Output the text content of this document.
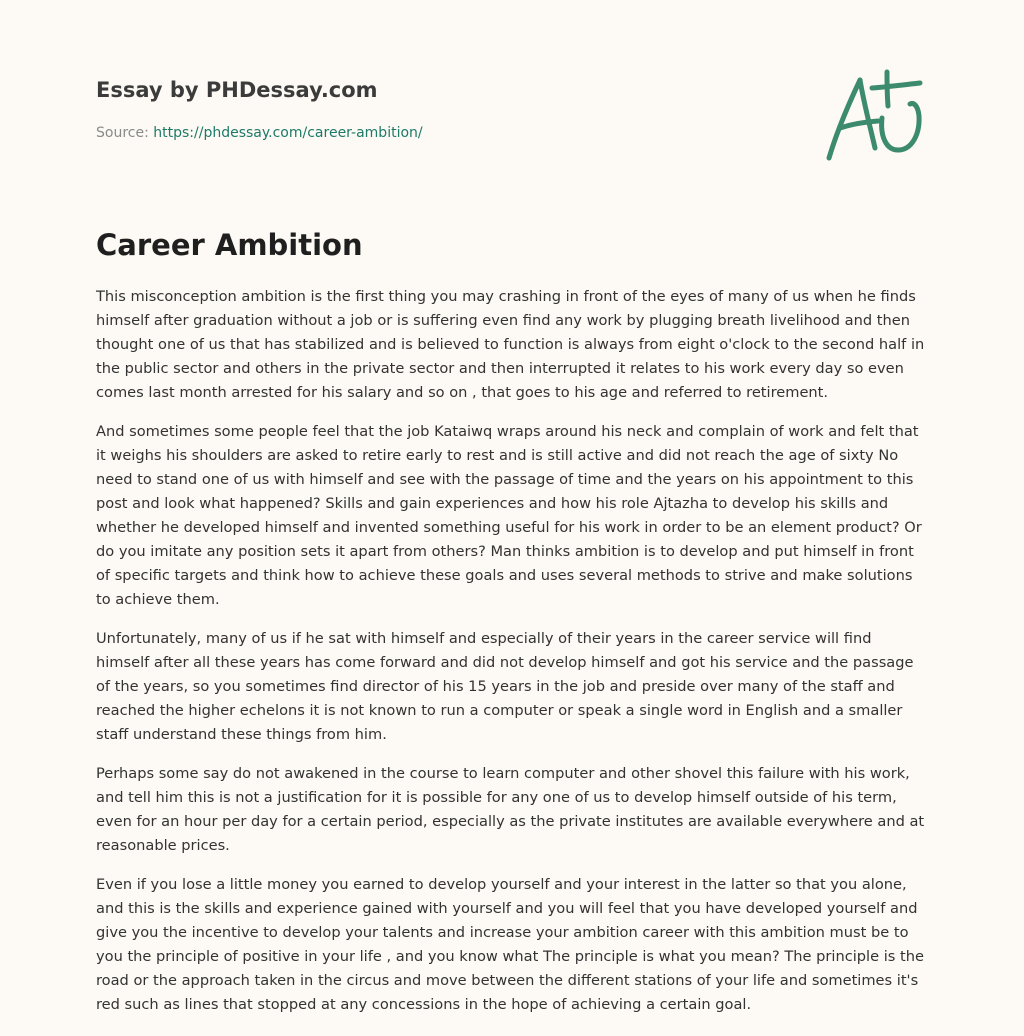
Essay by PHDessay.com
Source: https://phdessay.com/career-ambition/
Career Ambition

This misconception ambition is the first thing you may crashing in front of the eyes of many of us when he finds himself after graduation without a job or is suffering even find any work by plugging breath livelihood and then thought one of us that has stabilized and is believed to function is always from eight o'clock to the second half in the public sector and others in the private sector and then interrupted it relates to his work every day so even comes last month arrested for his salary and so on , that goes to his age and referred to retirement.

And sometimes some people feel that the job Kataiwq wraps around his neck and complain of work and felt that it weighs his shoulders are asked to retire early to rest and is still active and did not reach the age of sixty No need to stand one of us with himself and see with the passage of time and the years on his appointment to this post and look what happened? Skills and gain experiences and how his role Ajtazha to develop his skills and whether he developed himself and invented something useful for his work in order to be an element product? Or do you imitate any position sets it apart from others? Man thinks ambition is to develop and put himself in front of specific targets and think how to achieve these goals and uses several methods to strive and make solutions to achieve them.

Unfortunately, many of us if he sat with himself and especially of their years in the career service will find himself after all these years has come forward and did not develop himself and got his service and the passage of the years, so you sometimes find director of his 15 years in the job and preside over many of the staff and reached the higher echelons it is not known to run a computer or speak a single word in English and a smaller staff understand these things from him.

Perhaps some say do not awakened in the course to learn computer and other shovel this failure with his work, and tell him this is not a justification for it is possible for any one of us to develop himself outside of his term, even for an hour per day for a certain period, especially as the private institutes are available everywhere and at reasonable prices.

Even if you lose a little money you earned to develop yourself and your interest in the latter so that you alone, and this is the skills and experience gained with yourself and you will feel that you have developed yourself and give you the incentive to develop your talents and increase your ambition career with this ambition must be to you the principle of positive in your life , and you know what The principle is what you mean? The principle is the road or the approach taken in the circus and move between the different stations of your life and sometimes it's red such as lines that stopped at any concessions in the hope of achieving a certain goal.
